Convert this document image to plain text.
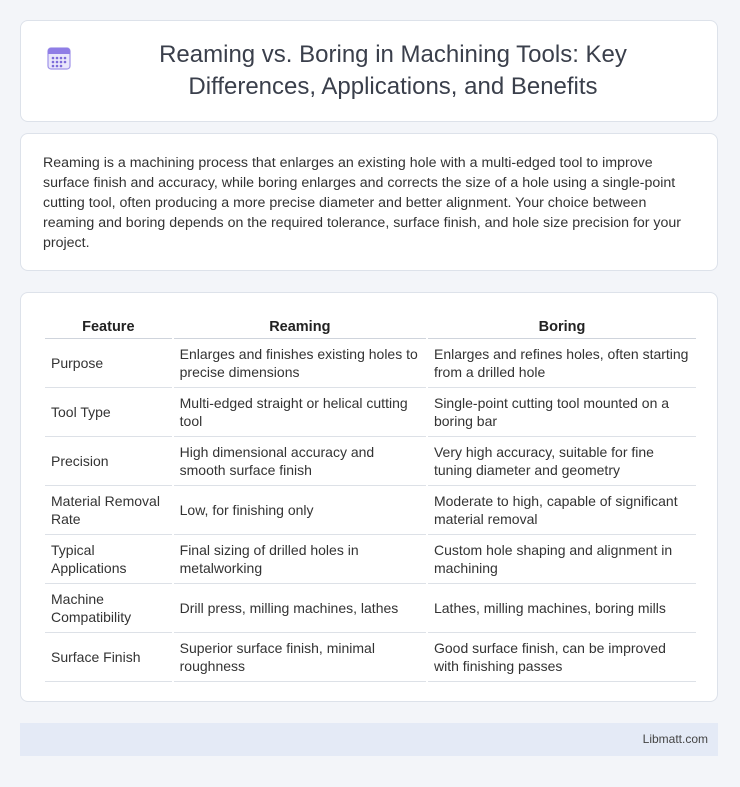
Reaming vs. Boring in Machining Tools: Key Differences, Applications, and Benefits

Reaming is a machining process that enlarges an existing hole with a multi-edged tool to improve surface finish and accuracy, while boring enlarges and corrects the size of a hole using a single-point cutting tool, often producing a more precise diameter and better alignment. Your choice between reaming and boring depends on the required tolerance, surface finish, and hole size precision for your project.

Feature	Reaming	Boring
Purpose	Enlarges and finishes existing holes to precise dimensions	Enlarges and refines holes, often starting from a drilled hole
Tool Type	Multi-edged straight or helical cutting tool	Single-point cutting tool mounted on a boring bar
Precision	High dimensional accuracy and smooth surface finish	Very high accuracy, suitable for fine tuning diameter and geometry
Material Removal Rate	Low, for finishing only	Moderate to high, capable of significant material removal
Typical Applications	Final sizing of drilled holes in metalworking	Custom hole shaping and alignment in machining
Machine Compatibility	Drill press, milling machines, lathes	Lathes, milling machines, boring mills
Surface Finish	Superior surface finish, minimal roughness	Good surface finish, can be improved with finishing passes
Libmatt.com
